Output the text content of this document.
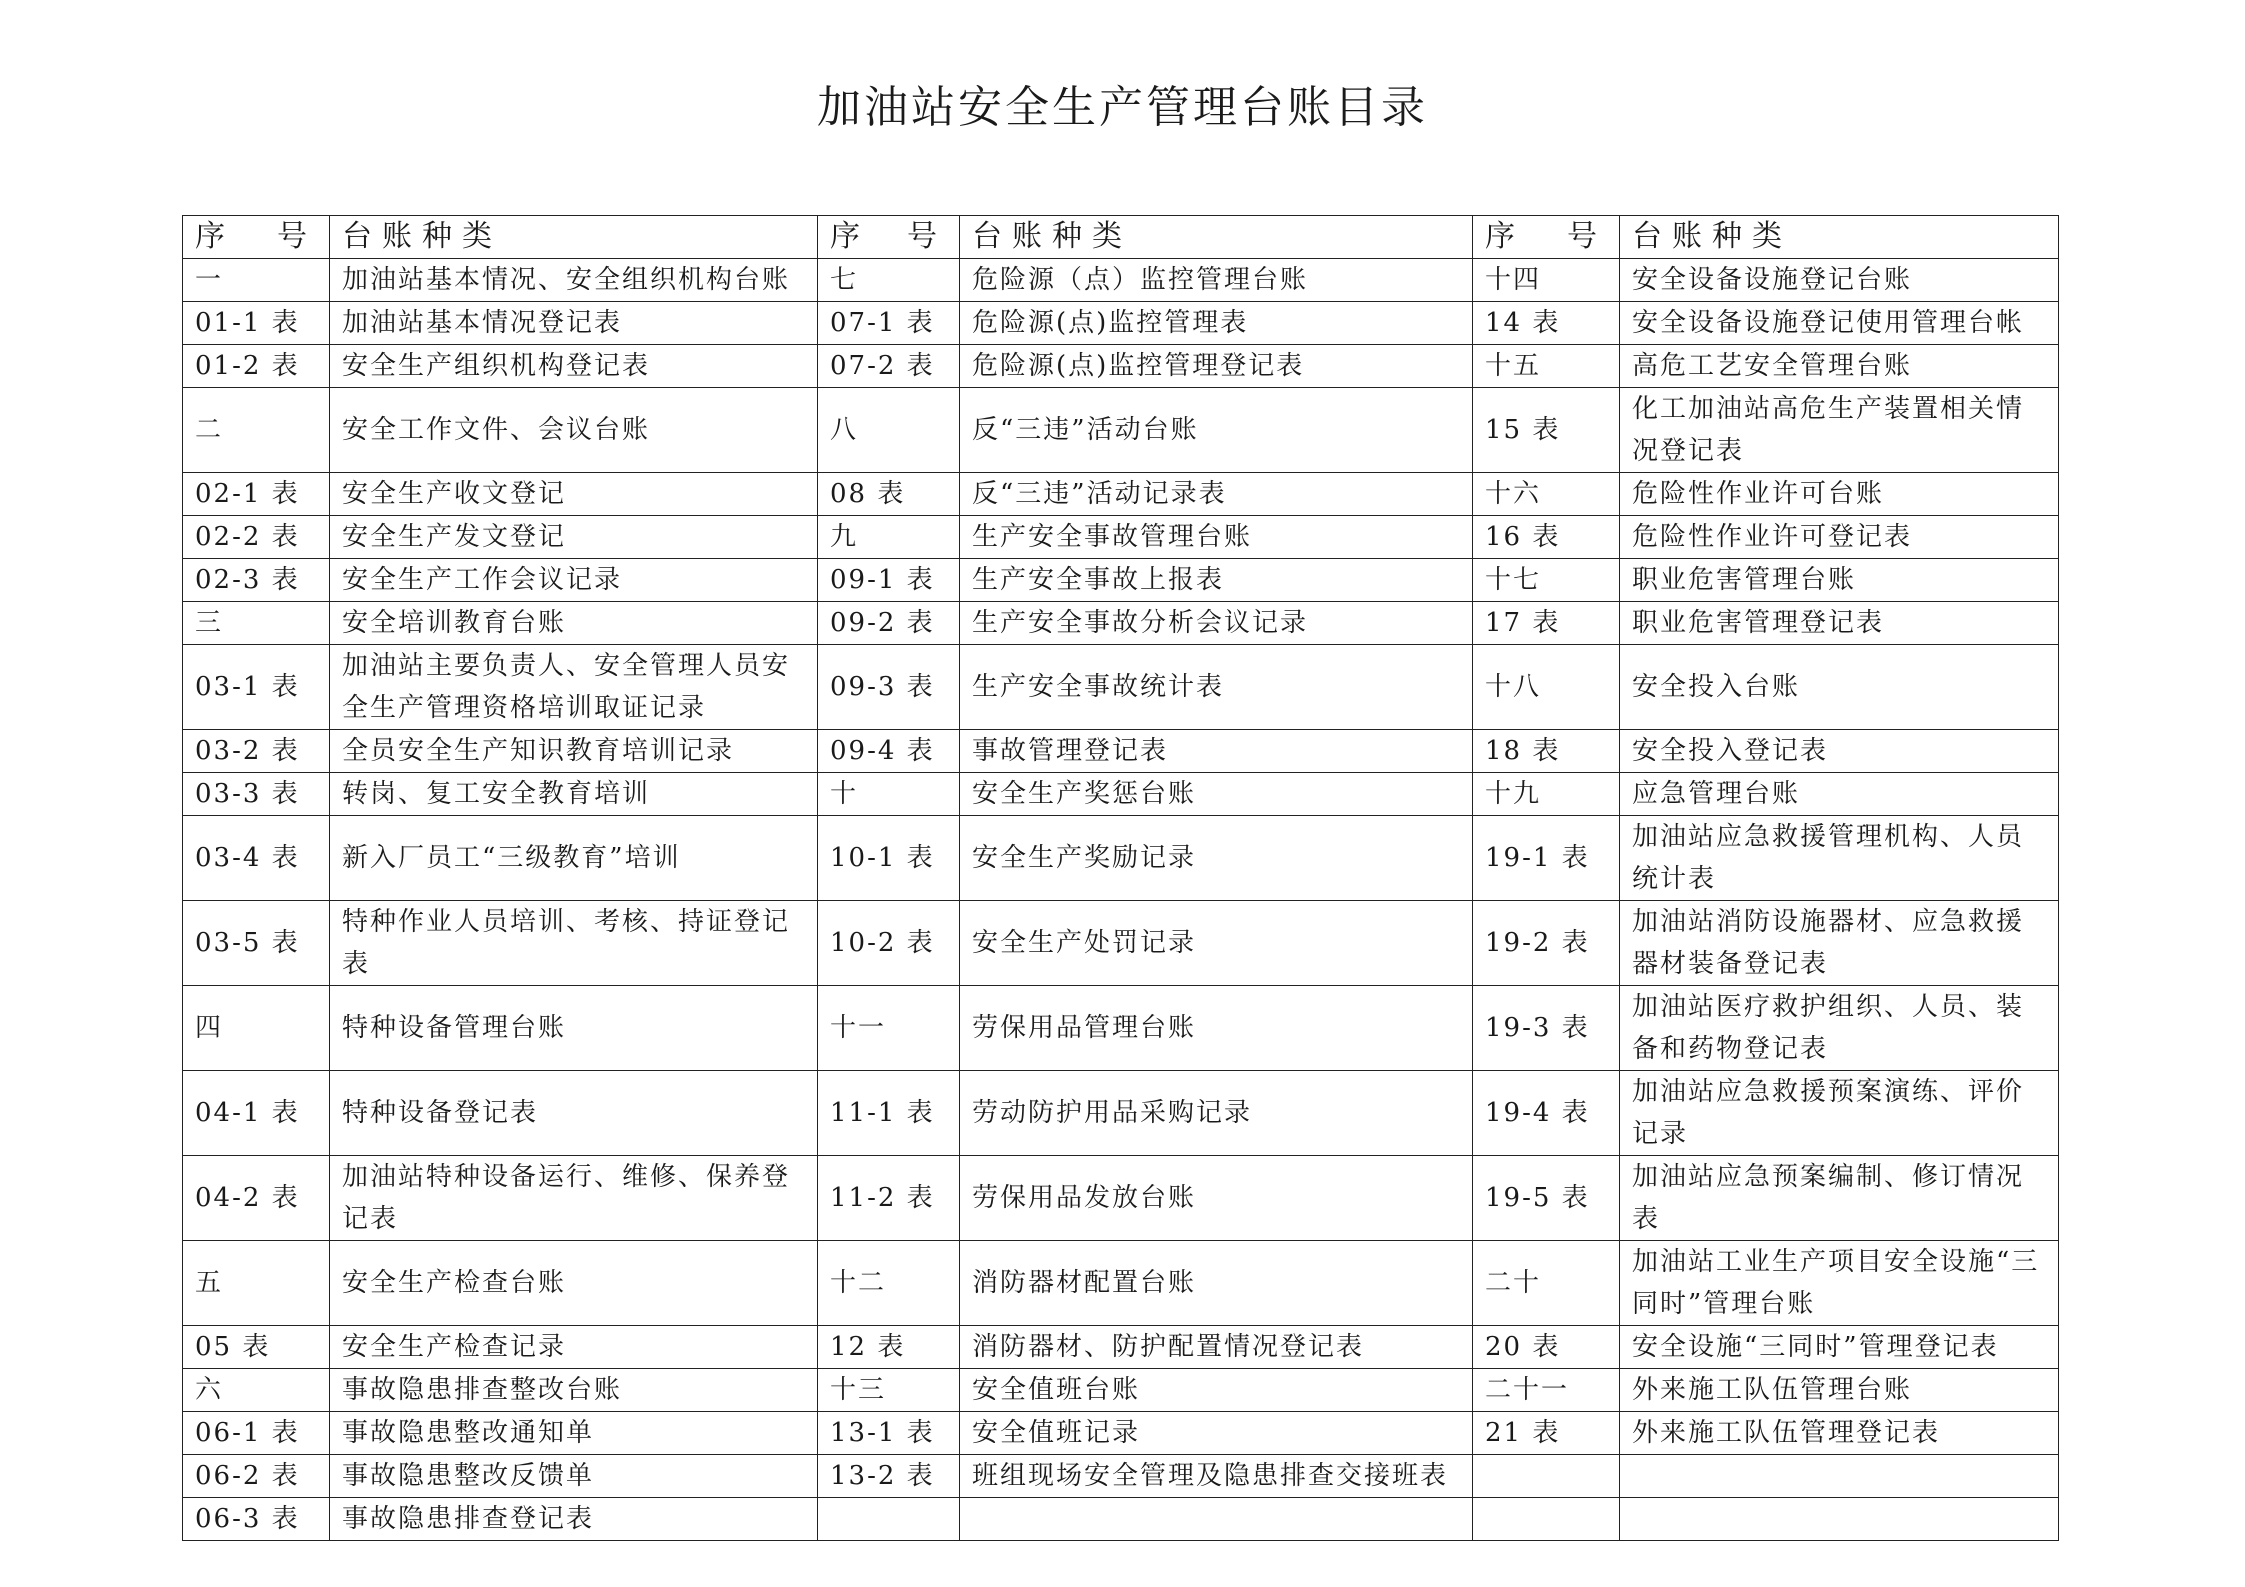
加油站安全生产管理台账目录
序 号	台账种类	序 号	台账种类	序 号	台账种类
一	加油站基本情况、安全组织机构台账	七	危险源（点）监控管理台账	十四	安全设备设施登记台账
01-1 表	加油站基本情况登记表	07-1 表	危险源(点)监控管理表	14 表	安全设备设施登记使用管理台帐
01-2 表	安全生产组织机构登记表	07-2 表	危险源(点)监控管理登记表	十五	高危工艺安全管理台账
二	安全工作文件、会议台账	八	反“三违”活动台账	15 表	化工加油站高危生产装置相关情况登记表
02-1 表	安全生产收文登记	08 表	反“三违”活动记录表	十六	危险性作业许可台账
02-2 表	安全生产发文登记	九	生产安全事故管理台账	16 表	危险性作业许可登记表
02-3 表	安全生产工作会议记录	09-1 表	生产安全事故上报表	十七	职业危害管理台账
三	安全培训教育台账	09-2 表	生产安全事故分析会议记录	17 表	职业危害管理登记表
03-1 表	加油站主要负责人、安全管理人员安全生产管理资格培训取证记录	09-3 表	生产安全事故统计表	十八	安全投入台账
03-2 表	全员安全生产知识教育培训记录	09-4 表	事故管理登记表	18 表	安全投入登记表
03-3 表	转岗、复工安全教育培训	十	安全生产奖惩台账	十九	应急管理台账
03-4 表	新入厂员工“三级教育”培训	10-1 表	安全生产奖励记录	19-1 表	加油站应急救援管理机构、人员统计表
03-5 表	特种作业人员培训、考核、持证登记表	10-2 表	安全生产处罚记录	19-2 表	加油站消防设施器材、应急救援器材装备登记表
四	特种设备管理台账	十一	劳保用品管理台账	19-3 表	加油站医疗救护组织、人员、装备和药物登记表
04-1 表	特种设备登记表	11-1 表	劳动防护用品采购记录	19-4 表	加油站应急救援预案演练、评价记录
04-2 表	加油站特种设备运行、维修、保养登记表	11-2 表	劳保用品发放台账	19-5 表	加油站应急预案编制、修订情况表
五	安全生产检查台账	十二	消防器材配置台账	二十	加油站工业生产项目安全设施“三同时”管理台账
05 表	安全生产检查记录	12 表	消防器材、防护配置情况登记表	20 表	安全设施“三同时”管理登记表
六	事故隐患排查整改台账	十三	安全值班台账	二十一	外来施工队伍管理台账
06-1 表	事故隐患整改通知单	13-1 表	安全值班记录	21 表	外来施工队伍管理登记表
06-2 表	事故隐患整改反馈单	13-2 表	班组现场安全管理及隐患排查交接班表		
06-3 表	事故隐患排查登记表				
